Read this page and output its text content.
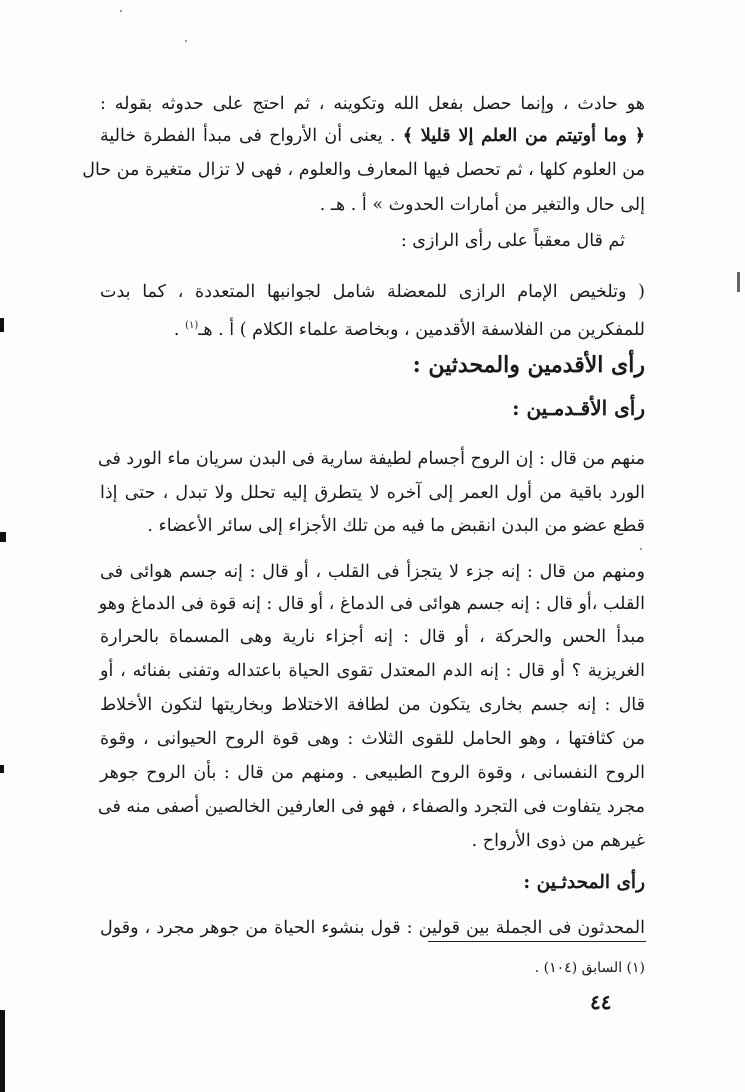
هو حادث ، وإنما حصل بفعل الله وتكوينه ، ثم احتج على حدوثه بقوله :
﴿ وما أوتيتم من العلم إلا قليلا ﴾ . يعنى أن الأرواح فى مبدأ الفطرة خالية
من العلوم كلها ، ثم تحصل فيها المعارف والعلوم ، فهى لا تزال متغيرة من حال
إلى حال والتغير من أمارات الحدوث » أ . هـ .
ثم قال معقباً على رأى الرازى :
( وتلخيص الإمام الرازى للمعضلة شامل لجوانبها المتعددة ، كما بدت
للمفكرين من الفلاسفة الأقدمين ، وبخاصة علماء الكلام ) أ . هـ$^{(١)}$ .
رأى الأقدمين والمحدثين :
رأى الأقـدمـين :
منهم من قال : إن الروح أجسام لطيفة سارية فى البدن سريان ماء الورد فى
الورد باقية من أول العمر إلى آخره لا يتطرق إليه تحلل ولا تبدل ، حتى إذا
قطع عضو من البدن انقبض ما فيه من تلك الأجزاء إلى سائر الأعضاء .
ومنهم من قال : إنه جزء لا يتجزأ فى القلب ، أو قال : إنه جسم هوائى فى
القلب ،أو قال : إنه جسم هوائى فى الدماغ ، أو قال : إنه قوة فى الدماغ وهو
مبدأ الحس والحركة ، أو قال : إنه أجزاء نارية وهى المسماة بالحرارة
الغريزية ؟ أو قال : إنه الدم المعتدل تقوى الحياة باعتداله وتفنى بفنائه ، أو
قال : إنه جسم بخارى يتكون من لطافة الاختلاط وبخاريتها لتكون الأخلاط
من كثافتها ، وهو الحامل للقوى الثلاث : وهى قوة الروح الحيوانى ، وقوة
الروح النفسانى ، وقوة الروح الطبيعى . ومنهم من قال : بأن الروح جوهر
مجرد يتفاوت فى التجرد والصفاء ، فهو فى العارفين الخالصين أصفى منه فى
غيرهم من ذوى الأرواح .
رأى المحدثـين :
المحدثون فى الجملة بين قولين : قول بنشوء الحياة من جوهر مجرد ، وقول
(١) السابق (١٠٤) .
٤٤
